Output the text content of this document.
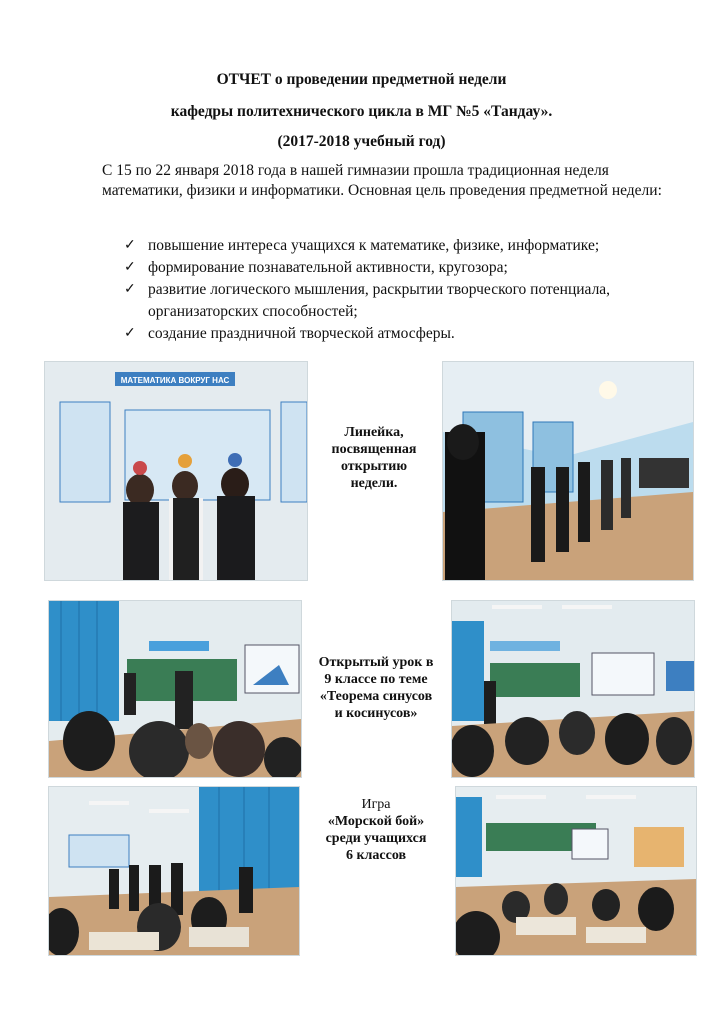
ОТЧЕТ о проведении предметной недели
кафедры политехнического цикла в МГ №5 «Тандау».
(2017-2018 учебный год)
С 15 по 22 января 2018 года в нашей гимназии прошла традиционная неделя математики, физики и информатики. Основная цель проведения предметной недели:
✓ повышение интереса учащихся к математике, физике, информатике;
✓ формирование познавательной активности, кругозора;
✓ развитие логического мышления, раскрытии творческого потенциала, организаторских способностей;
✓ создание праздничной творческой атмосферы.
МАТЕМАТИКА ВОКРУГ НАС
Линейка,
посвященная
открытию
недели.
Открытый урок в
9 классе по теме
«Теорема синусов
и косинусов»
Игра
«Морской бой»
среди учащихся
6 классов
